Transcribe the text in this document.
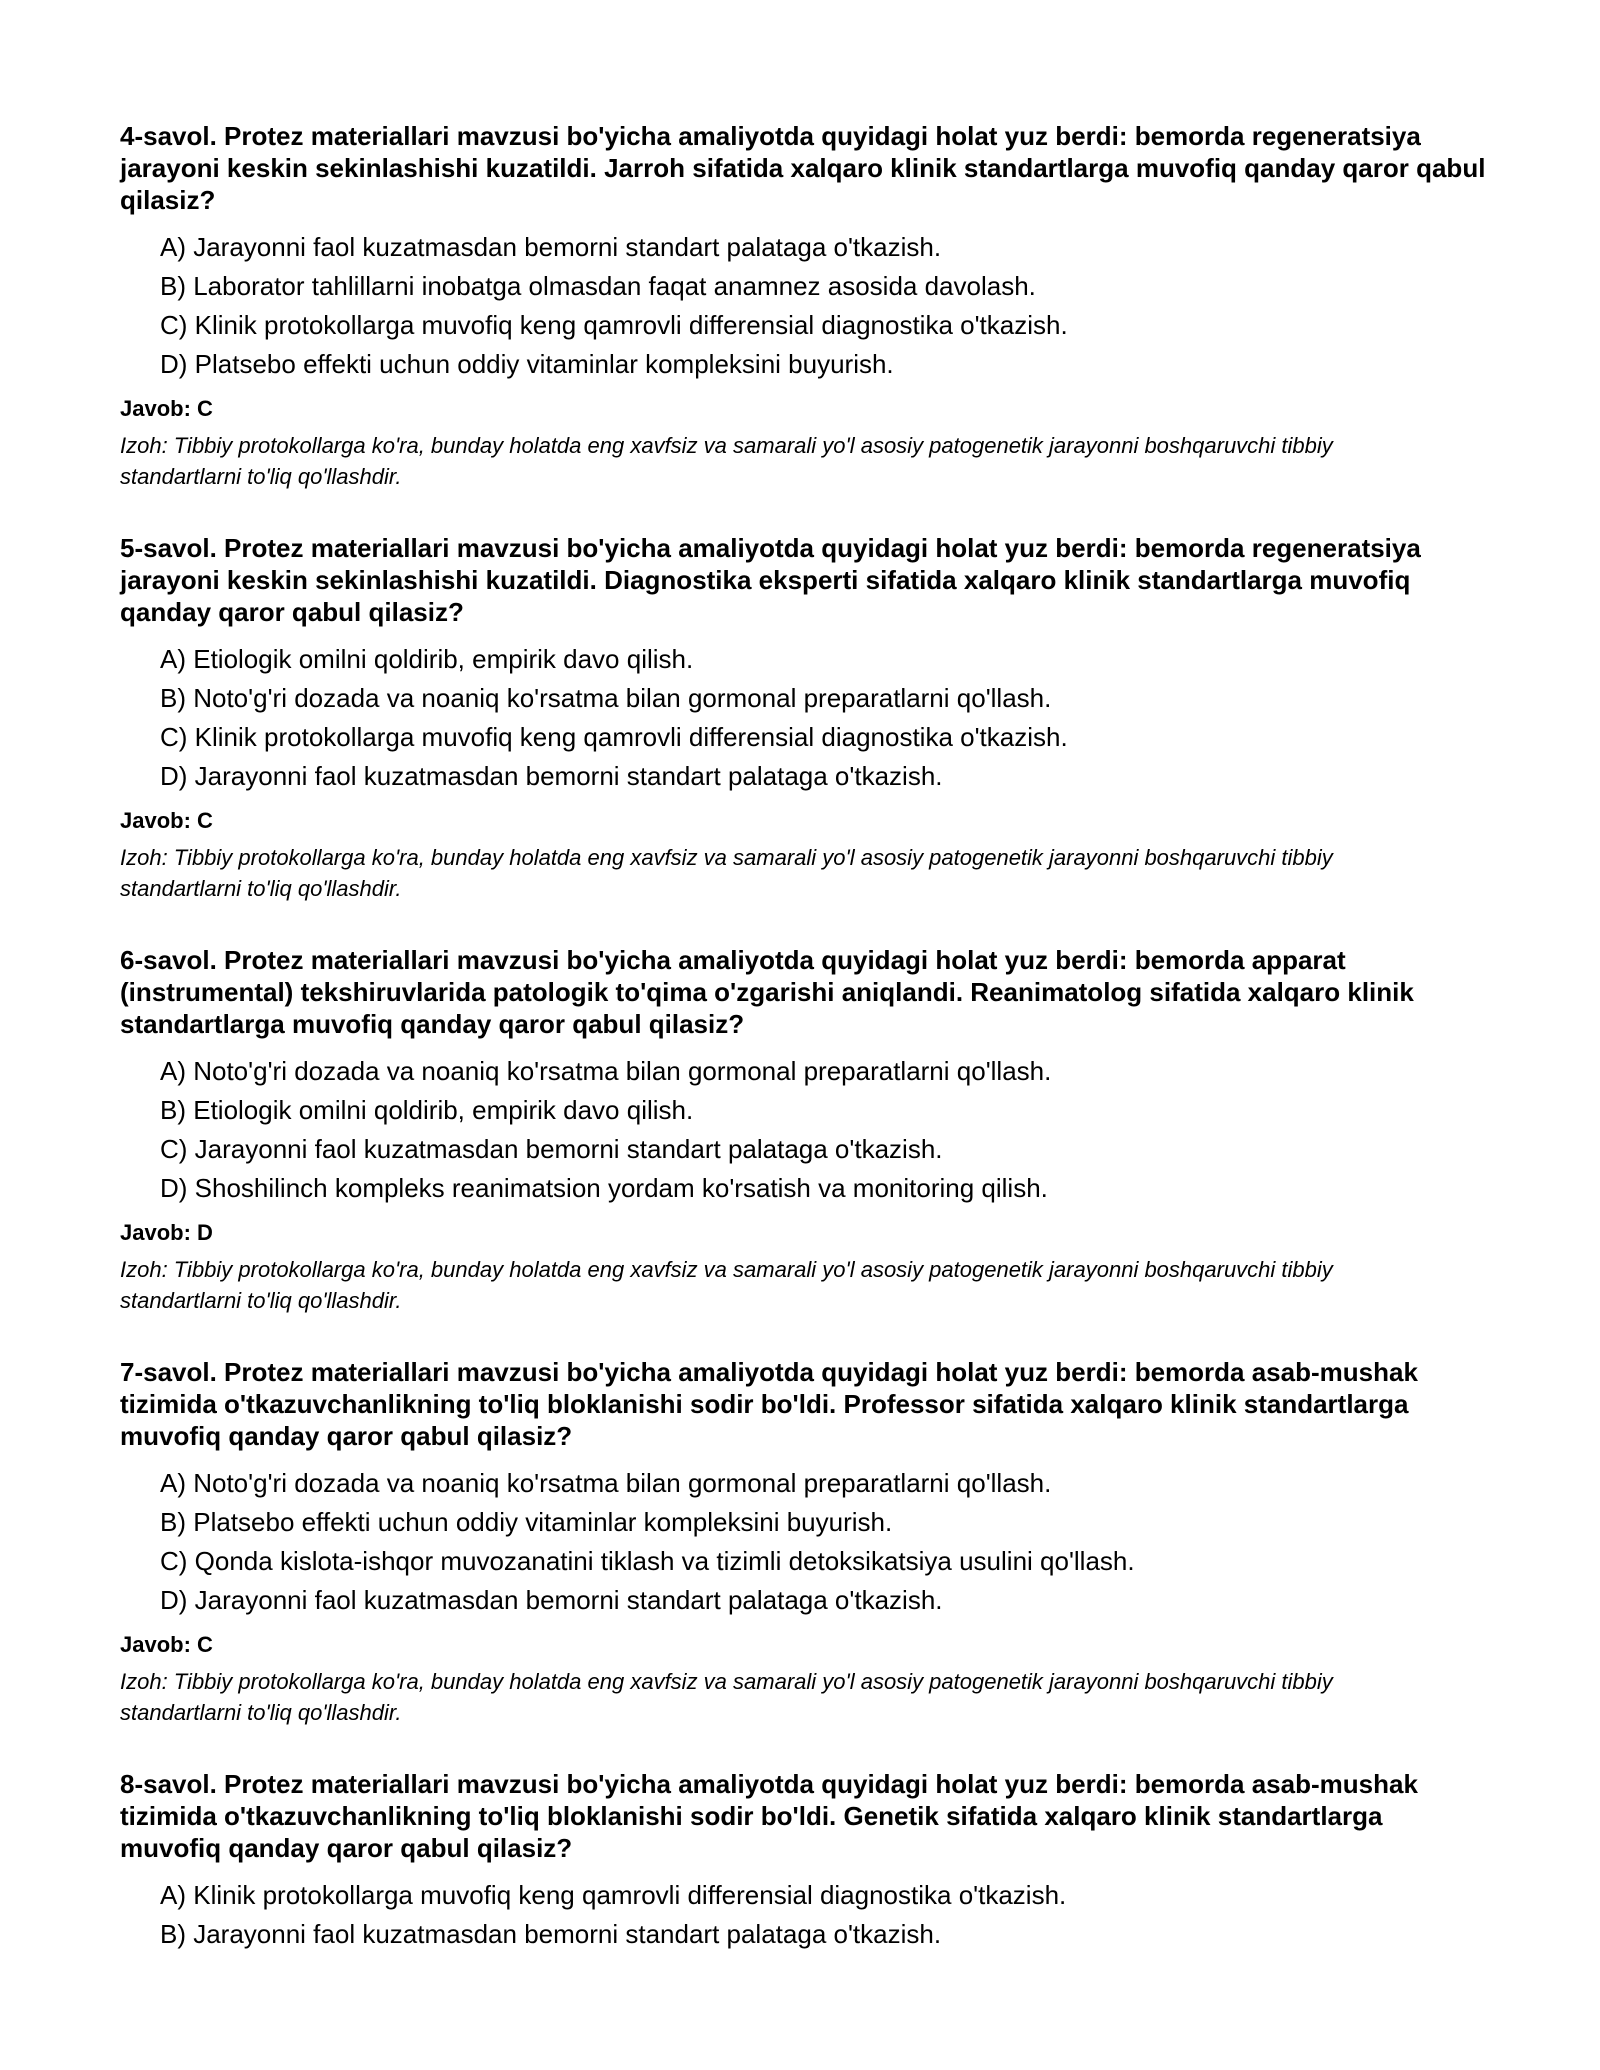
4-savol. Protez materiallari mavzusi bo'yicha amaliyotda quyidagi holat yuz berdi: bemorda regeneratsiya jarayoni keskin sekinlashishi kuzatildi. Jarroh sifatida xalqaro klinik standartlarga muvofiq qanday qaror qabul qilasiz?
A) Jarayonni faol kuzatmasdan bemorni standart palataga o'tkazish.
B) Laborator tahlillarni inobatga olmasdan faqat anamnez asosida davolash.
C) Klinik protokollarga muvofiq keng qamrovli differensial diagnostika o'tkazish.
D) Platsebo effekti uchun oddiy vitaminlar kompleksini buyurish.
Javob: C
Izoh: Tibbiy protokollarga ko'ra, bunday holatda eng xavfsiz va samarali yo'l asosiy patogenetik jarayonni boshqaruvchi tibbiy standartlarni to'liq qo'llashdir.
5-savol. Protez materiallari mavzusi bo'yicha amaliyotda quyidagi holat yuz berdi: bemorda regeneratsiya jarayoni keskin sekinlashishi kuzatildi. Diagnostika eksperti sifatida xalqaro klinik standartlarga muvofiq qanday qaror qabul qilasiz?
A) Etiologik omilni qoldirib, empirik davo qilish.
B) Noto'g'ri dozada va noaniq ko'rsatma bilan gormonal preparatlarni qo'llash.
C) Klinik protokollarga muvofiq keng qamrovli differensial diagnostika o'tkazish.
D) Jarayonni faol kuzatmasdan bemorni standart palataga o'tkazish.
Javob: C
Izoh: Tibbiy protokollarga ko'ra, bunday holatda eng xavfsiz va samarali yo'l asosiy patogenetik jarayonni boshqaruvchi tibbiy standartlarni to'liq qo'llashdir.
6-savol. Protez materiallari mavzusi bo'yicha amaliyotda quyidagi holat yuz berdi: bemorda apparat (instrumental) tekshiruvlarida patologik to'qima o'zgarishi aniqlandi. Reanimatolog sifatida xalqaro klinik standartlarga muvofiq qanday qaror qabul qilasiz?
A) Noto'g'ri dozada va noaniq ko'rsatma bilan gormonal preparatlarni qo'llash.
B) Etiologik omilni qoldirib, empirik davo qilish.
C) Jarayonni faol kuzatmasdan bemorni standart palataga o'tkazish.
D) Shoshilinch kompleks reanimatsion yordam ko'rsatish va monitoring qilish.
Javob: D
Izoh: Tibbiy protokollarga ko'ra, bunday holatda eng xavfsiz va samarali yo'l asosiy patogenetik jarayonni boshqaruvchi tibbiy standartlarni to'liq qo'llashdir.
7-savol. Protez materiallari mavzusi bo'yicha amaliyotda quyidagi holat yuz berdi: bemorda asab-mushak tizimida o'tkazuvchanlikning to'liq bloklanishi sodir bo'ldi. Professor sifatida xalqaro klinik standartlarga muvofiq qanday qaror qabul qilasiz?
A) Noto'g'ri dozada va noaniq ko'rsatma bilan gormonal preparatlarni qo'llash.
B) Platsebo effekti uchun oddiy vitaminlar kompleksini buyurish.
C) Qonda kislota-ishqor muvozanatini tiklash va tizimli detoksikatsiya usulini qo'llash.
D) Jarayonni faol kuzatmasdan bemorni standart palataga o'tkazish.
Javob: C
Izoh: Tibbiy protokollarga ko'ra, bunday holatda eng xavfsiz va samarali yo'l asosiy patogenetik jarayonni boshqaruvchi tibbiy standartlarni to'liq qo'llashdir.
8-savol. Protez materiallari mavzusi bo'yicha amaliyotda quyidagi holat yuz berdi: bemorda asab-mushak tizimida o'tkazuvchanlikning to'liq bloklanishi sodir bo'ldi. Genetik sifatida xalqaro klinik standartlarga muvofiq qanday qaror qabul qilasiz?
A) Klinik protokollarga muvofiq keng qamrovli differensial diagnostika o'tkazish.
B) Jarayonni faol kuzatmasdan bemorni standart palataga o'tkazish.
